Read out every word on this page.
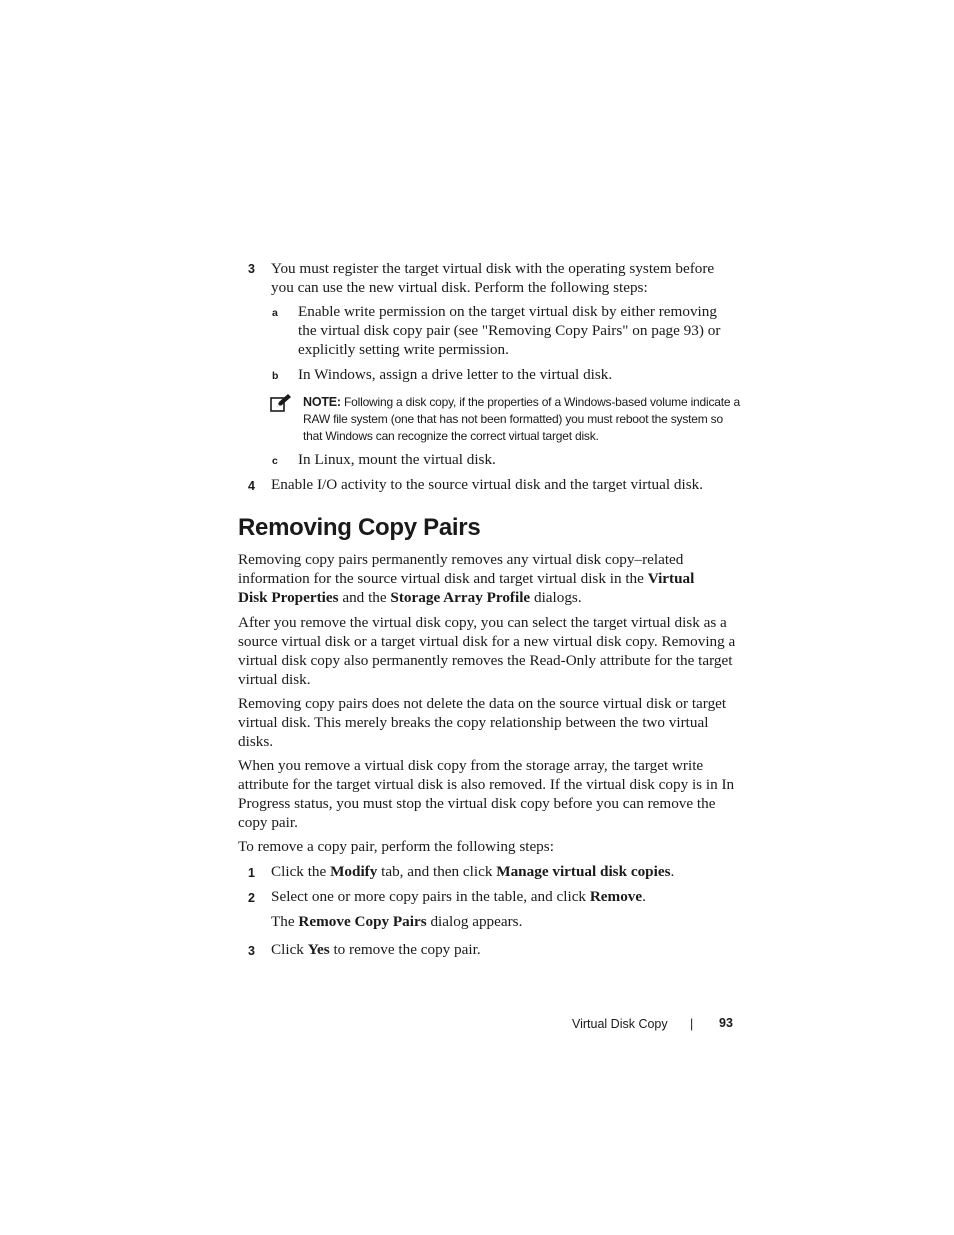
3 You must register the target virtual disk with the operating system before you can use the new virtual disk. Perform the following steps:

a Enable write permission on the target virtual disk by either removing the virtual disk copy pair (see "Removing Copy Pairs" on page 93) or explicitly setting write permission.

b In Windows, assign a drive letter to the virtual disk.

NOTE: Following a disk copy, if the properties of a Windows-based volume indicate a RAW file system (one that has not been formatted) you must reboot the system so that Windows can recognize the correct virtual target disk.

c In Linux, mount the virtual disk.

4 Enable I/O activity to the source virtual disk and the target virtual disk.

Removing Copy Pairs

Removing copy pairs permanently removes any virtual disk copy–related information for the source virtual disk and target virtual disk in the Virtual Disk Properties and the Storage Array Profile dialogs.

After you remove the virtual disk copy, you can select the target virtual disk as a source virtual disk or a target virtual disk for a new virtual disk copy. Removing a virtual disk copy also permanently removes the Read-Only attribute for the target virtual disk.

Removing copy pairs does not delete the data on the source virtual disk or target virtual disk. This merely breaks the copy relationship between the two virtual disks.

When you remove a virtual disk copy from the storage array, the target write attribute for the target virtual disk is also removed. If the virtual disk copy is in In Progress status, you must stop the virtual disk copy before you can remove the copy pair.

To remove a copy pair, perform the following steps:

1 Click the Modify tab, and then click Manage virtual disk copies.

2 Select one or more copy pairs in the table, and click Remove.

The Remove Copy Pairs dialog appears.

3 Click Yes to remove the copy pair.

Virtual Disk Copy | 93
